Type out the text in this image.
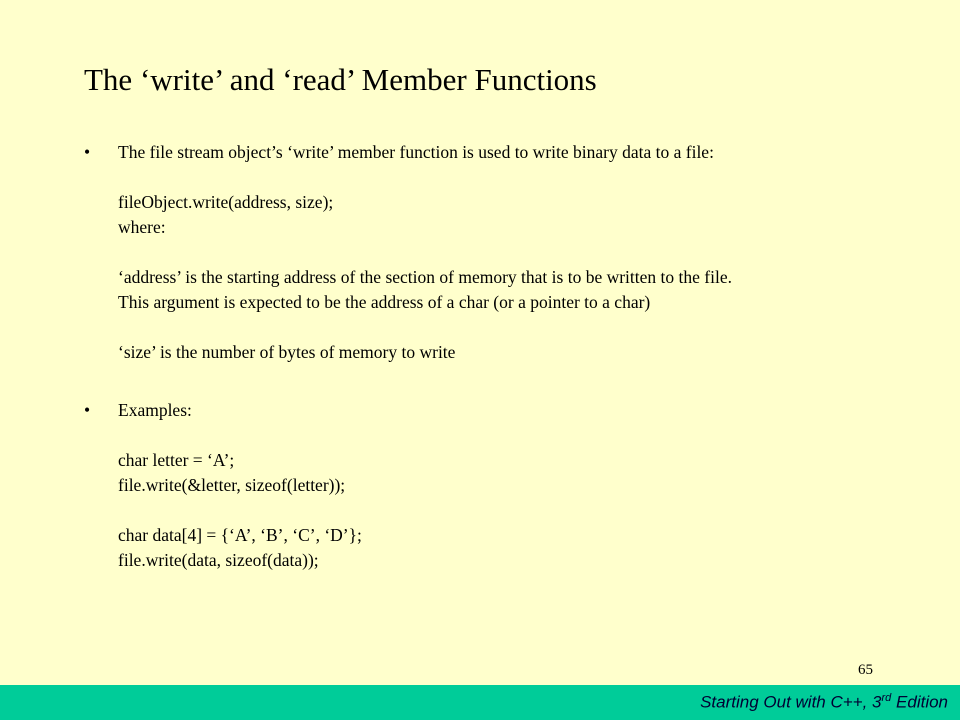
The ‘write’ and ‘read’ Member Functions
•	The file stream object’s ‘write’ member function is used to write binary data to a file:
fileObject.write(address, size);
where:
‘address’ is the starting address of the section of memory that is to be written to the file.
This argument is expected to be the address of a char (or a pointer to a char)
‘size’ is the number of bytes of memory to write
•	Examples:
char letter = ‘A’;
file.write(&letter, sizeof(letter));
char data[4] = {‘A’, ‘B’, ‘C’, ‘D’};
file.write(data, sizeof(data));
65
Starting Out with C++, 3rd Edition
